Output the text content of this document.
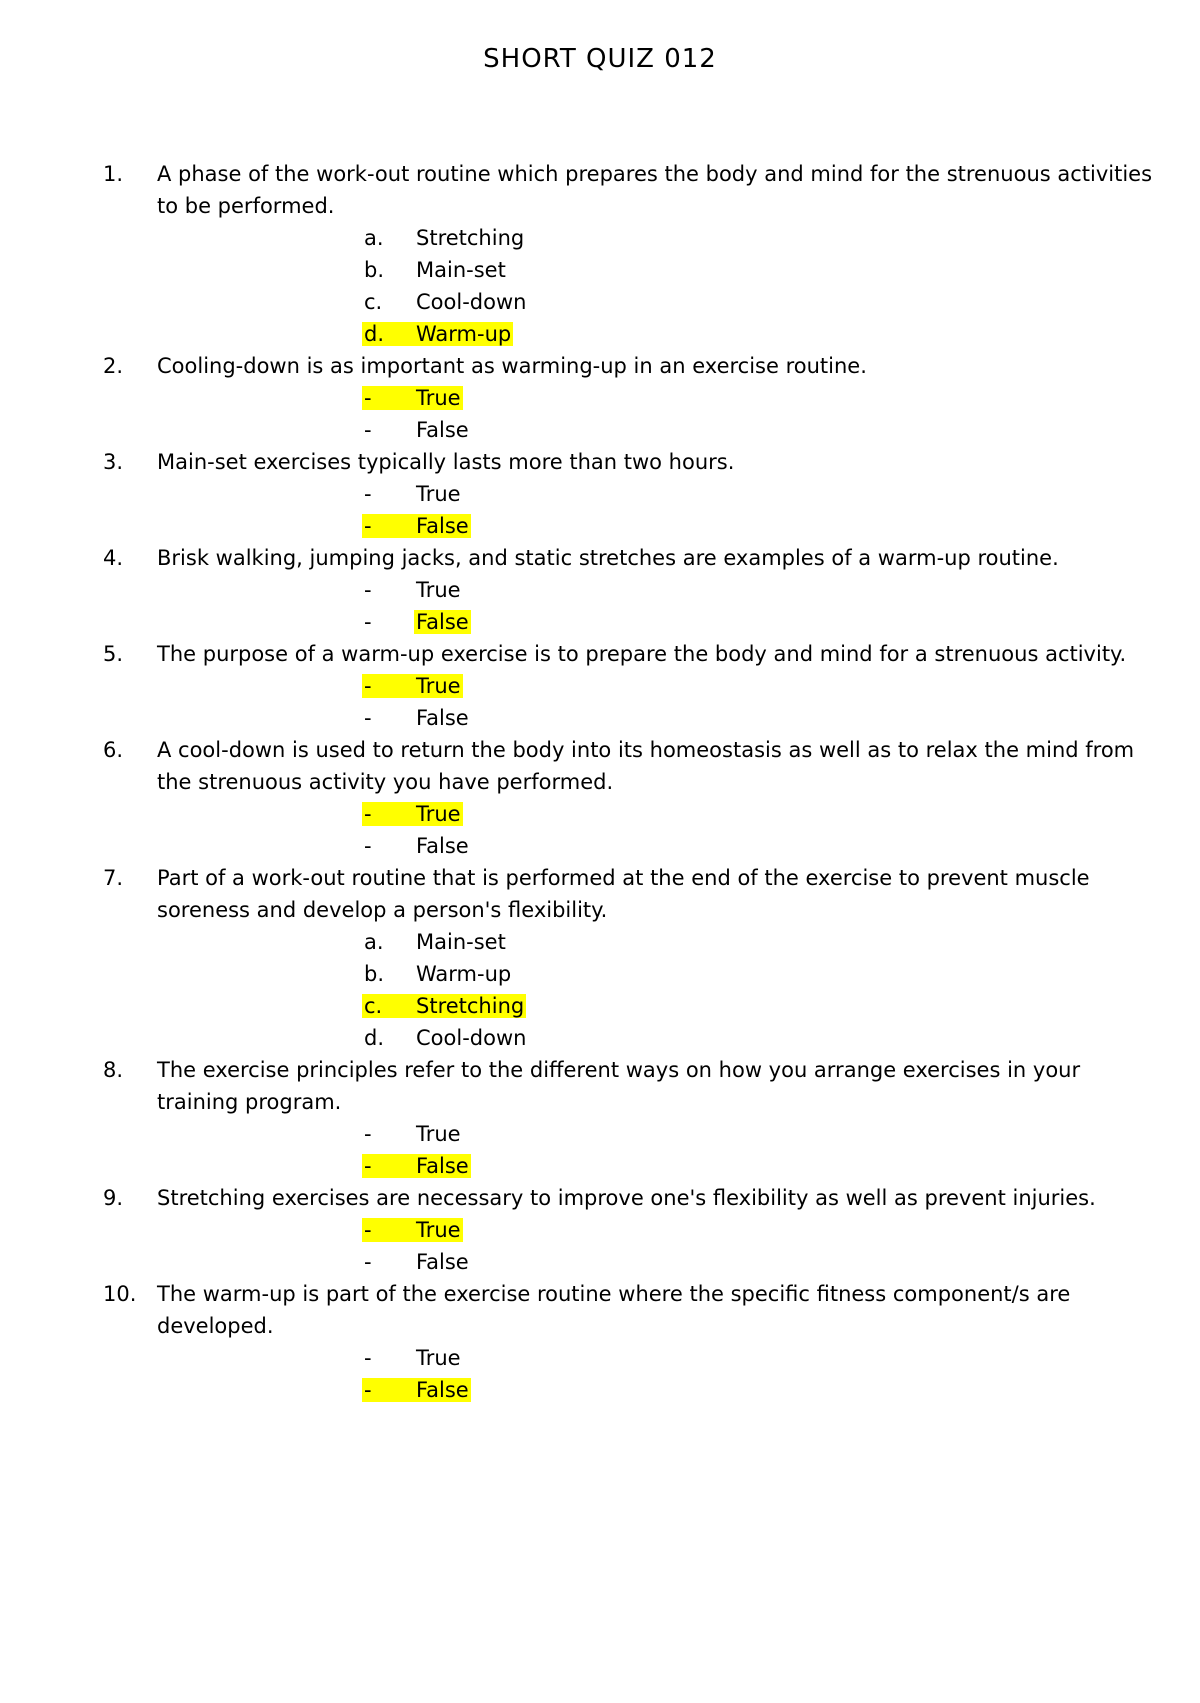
SHORT QUIZ 012
1. A phase of the work-out routine which prepares the body and mind for the strenuous activities to be performed.
a. Stretching
b. Main-set
c. Cool-down
d. Warm-up
2. Cooling-down is as important as warming-up in an exercise routine.
- True
- False
3. Main-set exercises typically lasts more than two hours.
- True
- False
4. Brisk walking, jumping jacks, and static stretches are examples of a warm-up routine.
- True
- False
5. The purpose of a warm-up exercise is to prepare the body and mind for a strenuous activity.
- True
- False
6. A cool-down is used to return the body into its homeostasis as well as to relax the mind from the strenuous activity you have performed.
- True
- False
7. Part of a work-out routine that is performed at the end of the exercise to prevent muscle soreness and develop a person's flexibility.
a. Main-set
b. Warm-up
c. Stretching
d. Cool-down
8. The exercise principles refer to the different ways on how you arrange exercises in your training program.
- True
- False
9. Stretching exercises are necessary to improve one's flexibility as well as prevent injuries.
- True
- False
10. The warm-up is part of the exercise routine where the specific fitness component/s are developed.
- True
- False
